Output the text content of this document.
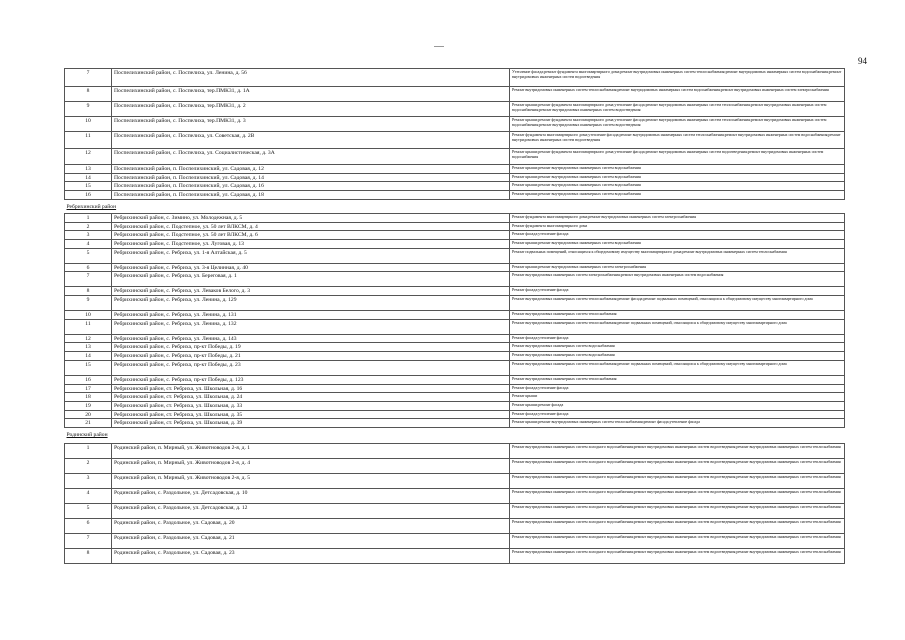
94
7	Поспелихинский район, с. Поспелиха, ул. Ленина, д. 56	Утепление фасада;ремонт фундамента многоквартирного дома;ремонт внутридомовых инженерных систем теплоснабжения;ремонт внутридомовых инженерных систем водоснабжения;ремонт внутридомовых инженерных систем водоотведения
8	Поспелихинский район, с. Поспелиха, тер.ПМК31, д. 1А	Ремонт внутридомовых инженерных систем теплоснабжения;ремонт внутридомовых инженерных систем водоснабжения;ремонт внутридомовых инженерных систем электроснабжения
9	Поспелихинский район, с. Поспелиха, тер.ПМК31, д. 2	Ремонт крыши;ремонт фундамента многоквартирного дома;утепление фасада;ремонт внутридомовых инженерных систем теплоснабжения;ремонт внутридомовых инженерных систем водоснабжения;ремонт внутридомовых инженерных систем водоотведения
10	Поспелихинский район, с. Поспелиха, тер.ПМК31, д. 3	Ремонт крыши;ремонт фундамента многоквартирного дома;утепление фасада;ремонт внутридомовых инженерных систем теплоснабжения;ремонт внутридомовых инженерных систем водоснабжения;ремонт внутридомовых инженерных систем водоотведения
11	Поспелихинский район, с. Поспелиха, ул. Советская, д. 2В	Ремонт фундамента многоквартирного дома;утепление фасада;ремонт внутридомовых инженерных систем теплоснабжения;ремонт внутридомовых инженерных систем водоснабжения;ремонт внутридомовых инженерных систем водоотведения
12	Поспелихинский район, с. Поспелиха, ул. Социалистическая, д. 3А	Ремонт крыши;ремонт фундамента многоквартирного дома;утепление фасада;ремонт внутридомовых инженерных систем водоотведения;ремонт внутридомовых инженерных систем водоснабжения
13	Поспелихинский район, п. Поспелихинский, ул. Садовая, д. 12	Ремонт крыши;ремонт внутридомовых инженерных систем водоснабжения
14	Поспелихинский район, п. Поспелихинский, ул. Садовая, д. 14	Ремонт крыши;ремонт внутридомовых инженерных систем водоснабжения
15	Поспелихинский район, п. Поспелихинский, ул. Садовая, д. 16	Ремонт крыши;ремонт внутридомовых инженерных систем водоснабжения
16	Поспелихинский район, п. Поспелихинский, ул. Садовая, д. 18	Ремонт крыши;ремонт внутридомовых инженерных систем водоснабжения
Ребрихинский район		
1	Ребрихинский район, с. Зимино, ул. Молодежная, д. 5	Ремонт фундамента многоквартирного дома;ремонт внутридомовых инженерных систем электроснабжения
2	Ребрихинский район, с. Подстепное, ул. 50 лет ВЛКСМ, д. 4	Ремонт фундамента многоквартирного дома
3	Ребрихинский район, с. Подстепное, ул. 50 лет ВЛКСМ, д. 6	Ремонт фасада;утепление фасада
4	Ребрихинский район, с. Подстепное, ул. Луговая, д. 13	Ремонт крыши;ремонт внутридомовых инженерных систем водоснабжения
5	Ребрихинский район, с. Ребриха, ул. 1-я Алтайская, д. 5	Ремонт подвальных помещений, относящихся к общедомовому имуществу многоквартирного дома;ремонт внутридомовых инженерных систем теплоснабжения
6	Ребрихинский район, с. Ребриха, ул. 3-я Целинная, д. 40	Ремонт крыши;ремонт внутридомовых инженерных систем электроснабжения
7	Ребрихинский район, с. Ребриха, ул. Береговая, д. 1	Ремонт внутридомовых инженерных систем электроснабжения;ремонт внутридомовых инженерных систем водоснабжения
8	Ребрихинский район, с. Ребриха, ул. Леваков Белого, д. 3	Ремонт фасада;утепление фасада
9	Ребрихинский район, с. Ребриха, ул. Ленина, д. 129	Ремонт внутридомовых инженерных систем теплоснабжения;ремонт фасада;ремонт подвальных помещений, относящихся к общедомовому имуществу многоквартирного дома
10	Ребрихинский район, с. Ребриха, ул. Ленина, д. 131	Ремонт внутридомовых инженерных систем теплоснабжения
11	Ребрихинский район, с. Ребриха, ул. Ленина, д. 132	Ремонт внутридомовых инженерных систем теплоснабжения;ремонт подвальных помещений, относящихся к общедомовому имуществу многоквартирного дома
12	Ребрихинский район, с. Ребриха, ул. Ленина, д. 143	Ремонт фасада;утепление фасада
13	Ребрихинский район, с. Ребриха, пр-кт Победы, д. 19	Ремонт внутридомовых инженерных систем водоснабжения
14	Ребрихинский район, с. Ребриха, пр-кт Победы, д. 21	Ремонт внутридомовых инженерных систем водоснабжения
15	Ребрихинский район, с. Ребриха, пр-кт Победы, д. 23	Ремонт внутридомовых инженерных систем теплоснабжения;ремонт подвальных помещений, относящихся к общедомовому имуществу многоквартирного дома
16	Ребрихинский район, с. Ребриха, пр-кт Победы, д. 123	Ремонт внутридомовых инженерных систем теплоснабжения
17	Ребрихинский район, ст. Ребриха, ул. Школьная, д. 16	Ремонт фасада;утепление фасада
18	Ребрихинский район, ст. Ребриха, ул. Школьная, д. 24	Ремонт крыши
19	Ребрихинский район, ст. Ребриха, ул. Школьная, д. 33	Ремонт крыши;ремонт фасада
20	Ребрихинский район, ст. Ребриха, ул. Школьная, д. 35	Ремонт фасада;утепление фасада
21	Ребрихинский район, ст. Ребриха, ул. Школьная, д. 39	Ремонт крыши;ремонт внутридомовых инженерных систем теплоснабжения;ремонт фасада;утепление фасада
Родинский район		
1	Родинский район, п. Мирный, ул. Животноводов 2-я, д. 1	Ремонт внутридомовых инженерных систем холодного водоснабжения;ремонт внутридомовых инженерных систем водоотведения;ремонт внутридомовых инженерных систем теплоснабжения
2	Родинский район, п. Мирный, ул. Животноводов 2-я, д. 4	Ремонт внутридомовых инженерных систем холодного водоснабжения;ремонт внутридомовых инженерных систем водоотведения;ремонт внутридомовых инженерных систем теплоснабжения
3	Родинский район, п. Мирный, ул. Животноводов 2-я, д. 5	Ремонт внутридомовых инженерных систем холодного водоснабжения;ремонт внутридомовых инженерных систем водоотведения;ремонт внутридомовых инженерных систем теплоснабжения
4	Родинский район, с. Раздольное, ул. Детсадовская, д. 10	Ремонт внутридомовых инженерных систем холодного водоснабжения;ремонт внутридомовых инженерных систем водоотведения;ремонт внутридомовых инженерных систем теплоснабжения
5	Родинский район, с. Раздольное, ул. Детсадовская, д. 12	Ремонт внутридомовых инженерных систем холодного водоснабжения;ремонт внутридомовых инженерных систем водоотведения;ремонт внутридомовых инженерных систем теплоснабжения
6	Родинский район, с. Раздольное, ул. Садовая, д. 20	Ремонт внутридомовых инженерных систем холодного водоснабжения;ремонт внутридомовых инженерных систем водоотведения;ремонт внутридомовых инженерных систем теплоснабжения
7	Родинский район, с. Раздольное, ул. Садовая, д. 21	Ремонт внутридомовых инженерных систем холодного водоснабжения;ремонт внутридомовых инженерных систем водоотведения;ремонт внутридомовых инженерных систем теплоснабжения
8	Родинский район, с. Раздольное, ул. Садовая, д. 23	Ремонт внутридомовых инженерных систем холодного водоснабжения;ремонт внутридомовых инженерных систем водоотведения;ремонт внутридомовых инженерных систем теплоснабжения
